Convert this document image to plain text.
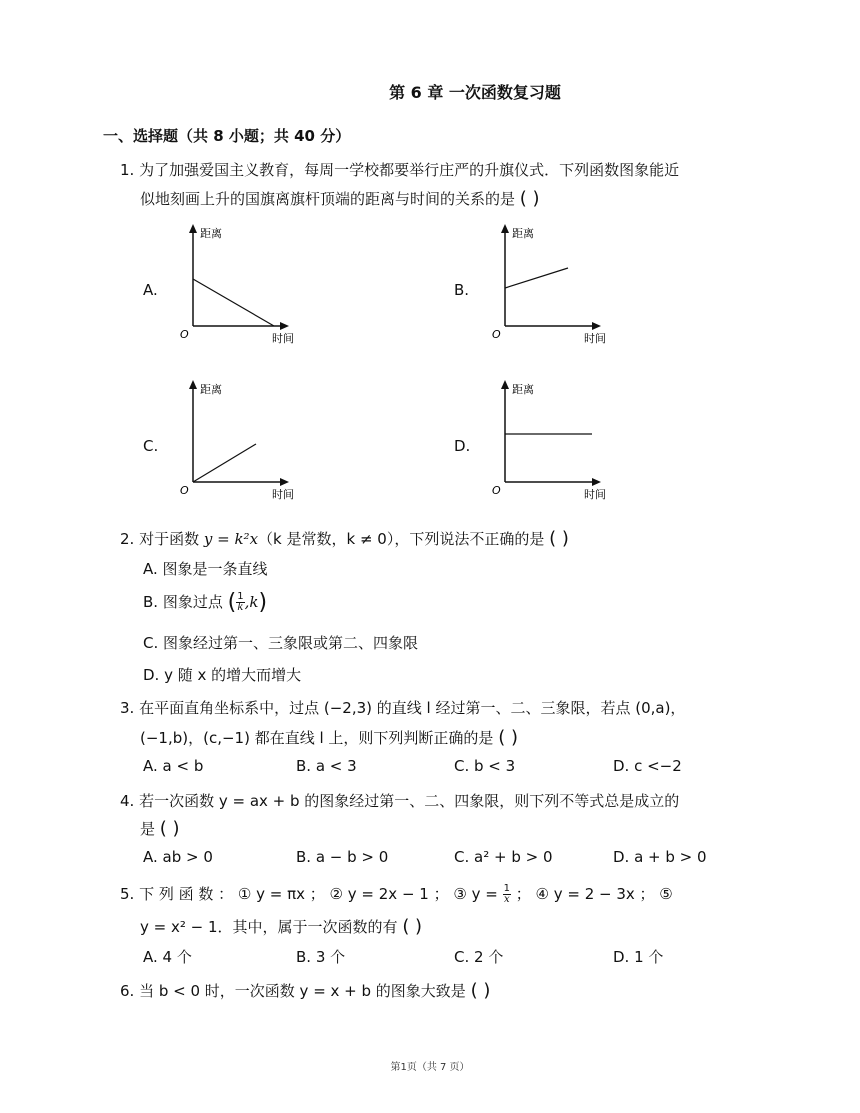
第 6 章 一次函数复习题
一、选择题（共 8 小题；共 40 分）
1. 为了加强爱国主义教育，每周一学校都要举行庄严的升旗仪式．下列函数图象能近
似地刻画上升的国旗离旗杆顶端的距离与时间的关系的是 ( )
A.
距离
时间
O
B.
距离
时间
O
C.
距离
时间
O
D.
距离
时间
O
2. 对于函数 y = k²x（k 是常数，k ≠ 0），下列说法不正确的是 ( )
A. 图象是一条直线
B. 图象过点 ( $\frac{1}{k} ,k$)
C. 图象经过第一、三象限或第二、四象限
D. y 随 x 的增大而增大
3. 在平面直角坐标系中，过点 (−2,3) 的直线 l 经过第一、二、三象限，若点 (0,a)，
(−1,b)，(c,−1) 都在直线 l 上，则下列判断正确的是 ( )
A. a < b	B. a < 3	C. b < 3	D. c <−2
4. 若一次函数 y = ax + b 的图象经过第一、二、四象限，则下列不等式总是成立的
是 ( )
A. ab > 0	B. a − b > 0	C. a² + b > 0	D. a + b > 0
5. 下 列 函 数 ： ① y = πx ； ② y = 2x − 1 ； ③ $y = \frac{1}{x}$ ； ④ y = 2 − 3x ； ⑤
y = x² − 1．其中，属于一次函数的有 ( )
A. 4 个	B. 3 个	C. 2 个	D. 1 个
6. 当 b < 0 时，一次函数 y = x + b 的图象大致是 ( )
第1页（共 7 页）
